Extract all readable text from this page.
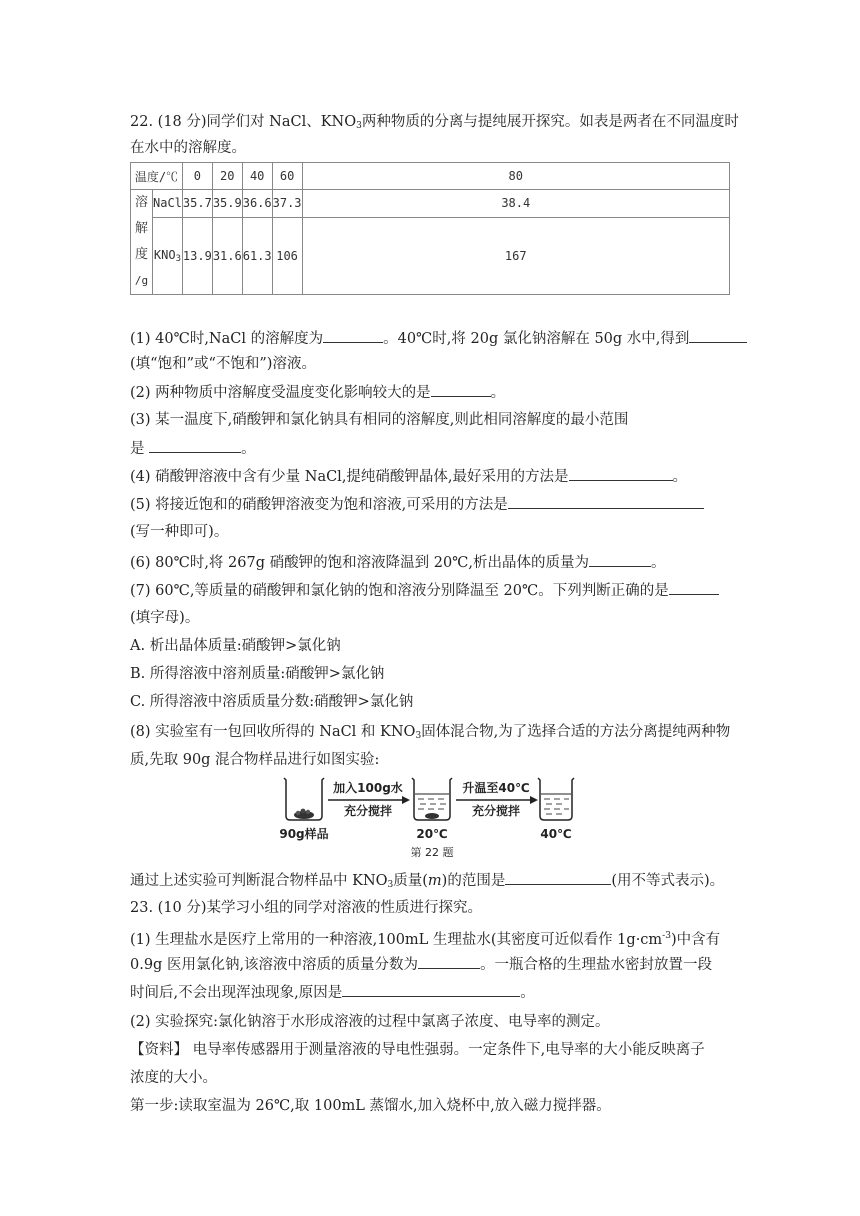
22. (18 分)同学们对 NaCl、$KNO_3$两种物质的分离与提纯展开探究。如表是两者在不同温度时
在水中的溶解度。
温度/℃		0	20	40	60	80

溶
解
度
/g	NaCl	35.7	35.9	36.6	37.3	38.4
	$KNO_3$	13.9	31.6	61.3	106	167
(1) 40℃时,NaCl 的溶解度为	。40℃时,将 20g 氯化钠溶解在 50g 水中,得到
(填“饱和”或“不饱和”)溶液。
(2) 两种物质中溶解度受温度变化影响较大的是	。
(3) 某一温度下,硝酸钾和氯化钠具有相同的溶解度,则此相同溶解度的最小范围
是	。
(4) 硝酸钾溶液中含有少量 NaCl,提纯硝酸钾晶体,最好采用的方法是	。
(5) 将接近饱和的硝酸钾溶液变为饱和溶液,可采用的方法是
(写一种即可)。
(6) 80℃时,将 267g 硝酸钾的饱和溶液降温到 20℃,析出晶体的质量为	。
(7) 60℃,等质量的硝酸钾和氯化钠的饱和溶液分别降温至 20℃。下列判断正确的是
(填字母)。
A. 析出晶体质量:硝酸钾>氯化钠
B. 所得溶液中溶剂质量:硝酸钾>氯化钠
C. 所得溶液中溶质质量分数:硝酸钾>氯化钠
(8) 实验室有一包回收所得的 NaCl 和 $KNO_3$固体混合物,为了选择合适的方法分离提纯两种物
质,先取 90g 混合物样品进行如图实验:
加入100g水
充分搅拌
升温至40℃
充分搅拌
90g样品	20℃	40℃
第 22 题
通过上述实验可判断混合物样品中 $KNO_3$质量(m)的范围是	(用不等式表示)。
23. (10 分)某学习小组的同学对溶液的性质进行探究。
(1) 生理盐水是医疗上常用的一种溶液,100mL 生理盐水(其密度可近似看作 $1g\cdot cm^{-3}$)中含有
0.9g 医用氯化钠,该溶液中溶质的质量分数为	。一瓶合格的生理盐水密封放置一段
时间后,不会出现浑浊现象,原因是	。
(2) 实验探究:氯化钠溶于水形成溶液的过程中氯离子浓度、电导率的测定。
【资料】 电导率传感器用于测量溶液的导电性强弱。一定条件下,电导率的大小能反映离子
浓度的大小。
第一步:读取室温为 26℃,取 100mL 蒸馏水,加入烧杯中,放入磁力搅拌器。
